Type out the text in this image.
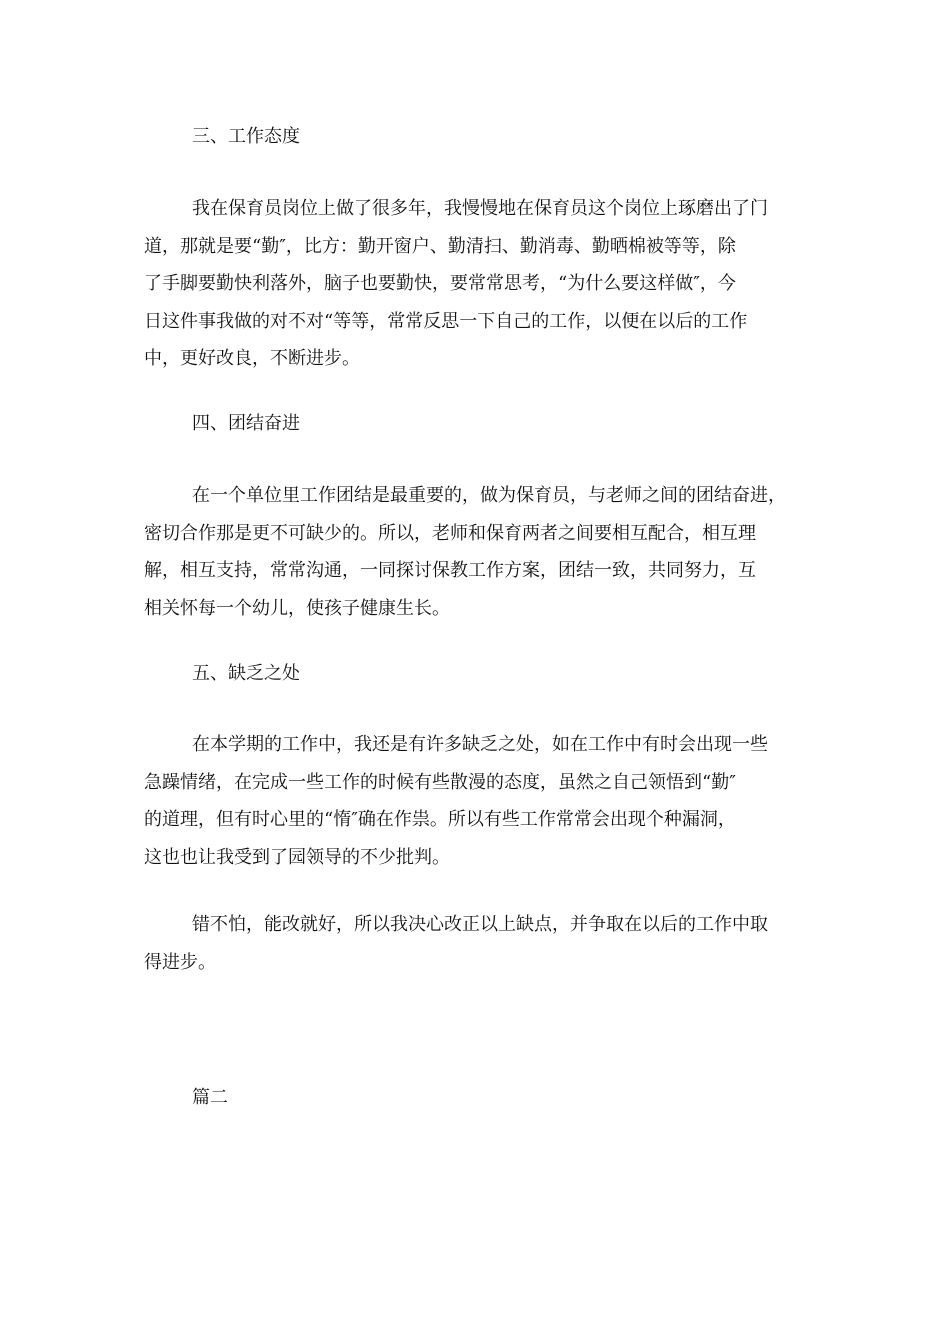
三、工作态度
我在保育员岗位上做了很多年，我慢慢地在保育员这个岗位上琢磨出了门
道，那就是要“勤″，比方：勤开窗户、勤清扫、勤消毒、勤晒棉被等等，除
了手脚要勤快利落外，脑子也要勤快，要常常思考，“为什么要这样做″，今
日这件事我做的对不对“等等，常常反思一下自己的工作，以便在以后的工作
中，更好改良，不断进步。
四、团结奋进
在一个单位里工作团结是最重要的，做为保育员，与老师之间的团结奋进，
密切合作那是更不可缺少的。所以，老师和保育两者之间要相互配合，相互理
解，相互支持，常常沟通，一同探讨保教工作方案，团结一致，共同努力，互
相关怀每一个幼儿，使孩子健康生长。
五、缺乏之处
在本学期的工作中，我还是有许多缺乏之处，如在工作中有时会出现一些
急躁情绪，在完成一些工作的时候有些散漫的态度，虽然之自己领悟到“勤″
的道理，但有时心里的“惰″确在作祟。所以有些工作常常会出现个种漏洞，
这也也让我受到了园领导的不少批判。
错不怕，能改就好，所以我决心改正以上缺点，并争取在以后的工作中取
得进步。
篇二
